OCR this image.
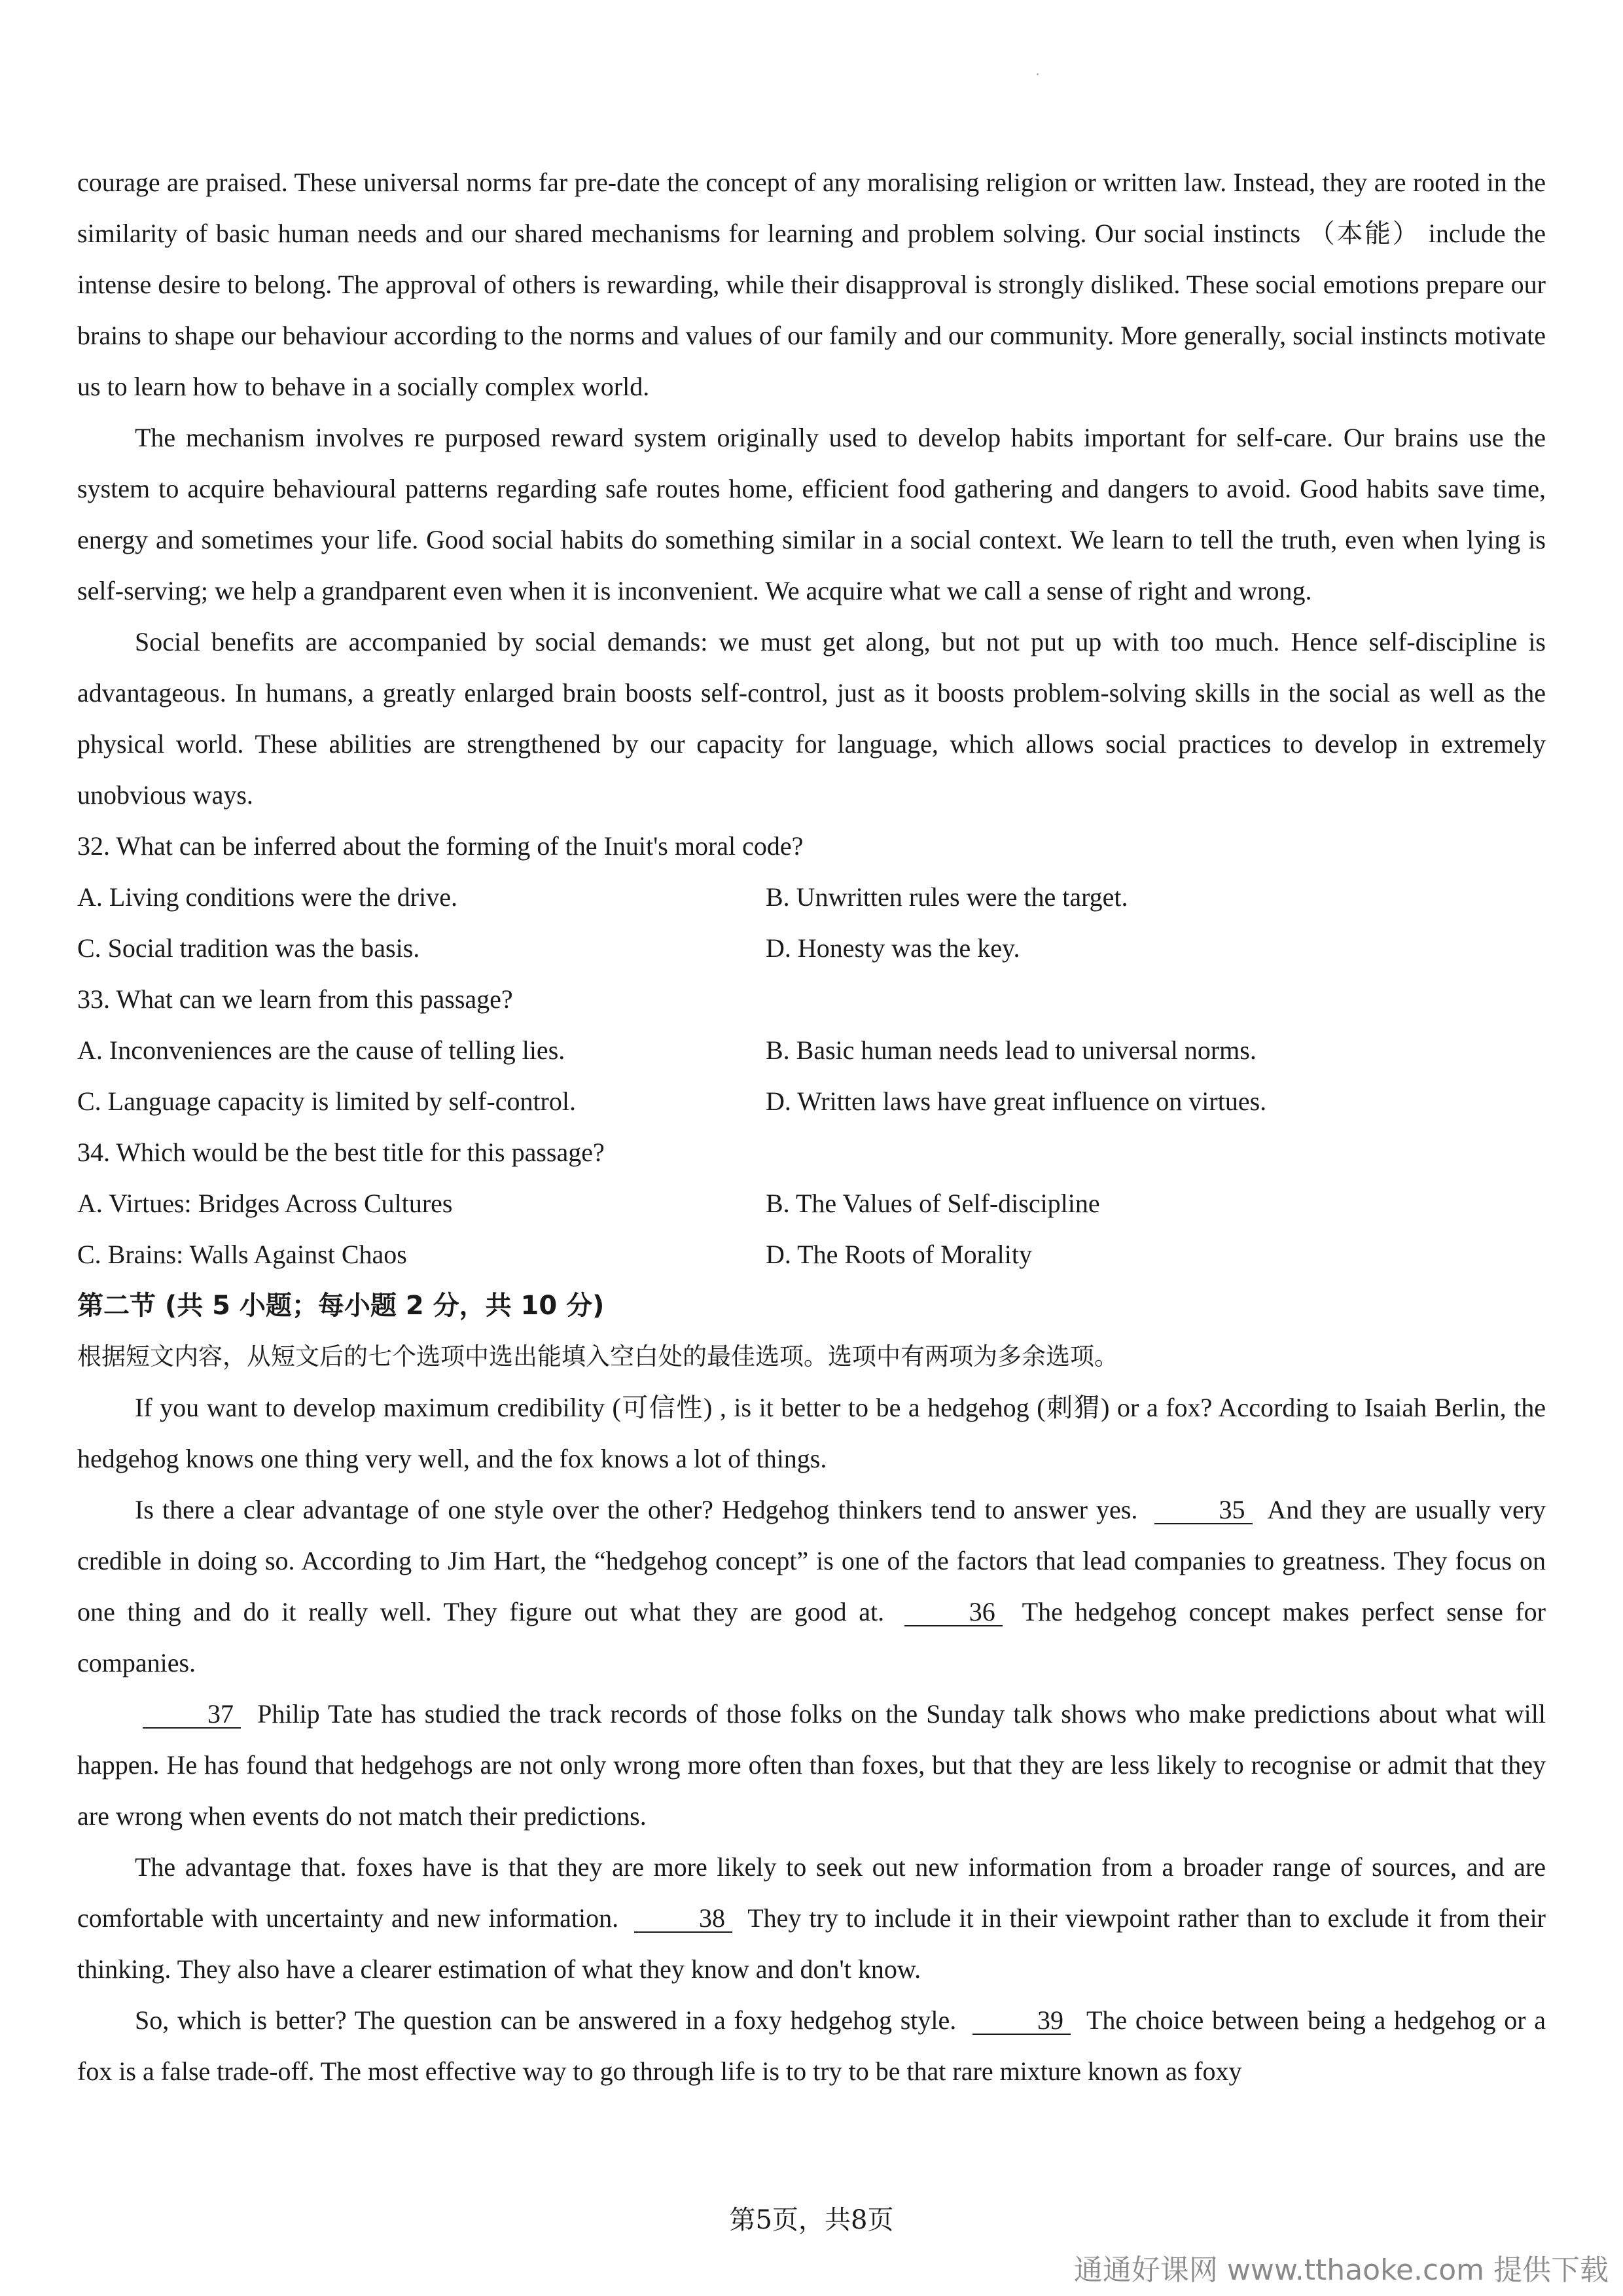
courage are praised. These universal norms far pre-date the concept of any moralising religion or written law. Instead, they are rooted in the similarity of basic human needs and our shared mechanisms for learning and problem solving. Our social instincts （本能） include the intense desire to belong. The approval of others is rewarding, while their disapproval is strongly disliked. These social emotions prepare our brains to shape our behaviour according to the norms and values of our family and our community. More generally, social instincts motivate us to learn how to behave in a socially complex world.

The mechanism involves re purposed reward system originally used to develop habits important for self-care. Our brains use the system to acquire behavioural patterns regarding safe routes home, efficient food gathering and dangers to avoid. Good habits save time, energy and sometimes your life. Good social habits do something similar in a social context. We learn to tell the truth, even when lying is self-serving; we help a grandparent even when it is inconvenient. We acquire what we call a sense of right and wrong.

Social benefits are accompanied by social demands: we must get along, but not put up with too much. Hence self-discipline is advantageous. In humans, a greatly enlarged brain boosts self-control, just as it boosts problem-solving skills in the social as well as the physical world. These abilities are strengthened by our capacity for language, which allows social practices to develop in extremely unobvious ways.

32. What can be inferred about the forming of the Inuit's moral code?

A. Living conditions were the drive.	B. Unwritten rules were the target.
C. Social tradition was the basis.	D. Honesty was the key.

33. What can we learn from this passage?

A. Inconveniences are the cause of telling lies.	B. Basic human needs lead to universal norms.
C. Language capacity is limited by self-control.	D. Written laws have great influence on virtues.

34. Which would be the best title for this passage?

A. Virtues: Bridges Across Cultures	B. The Values of Self-discipline
C. Brains: Walls Against Chaos	D. The Roots of Morality

第二节 (共 5 小题；每小题 2 分，共 10 分)

根据短文内容，从短文后的七个选项中选出能填入空白处的最佳选项。选项中有两项为多余选项。

If you want to develop maximum credibility (可信性) , is it better to be a hedgehog (刺猬) or a fox? According to Isaiah Berlin, the hedgehog knows one thing very well, and the fox knows a lot of things.

Is there a clear advantage of one style over the other? Hedgehog thinkers tend to answer yes.	35 And they are usually very credible in doing so. According to Jim Hart, the “hedgehog concept” is one of the factors that lead companies to greatness. They focus on one thing and do it really well. They figure out what they are good at.	36 The hedgehog concept makes perfect sense for companies.

37 Philip Tate has studied the track records of those folks on the Sunday talk shows who make predictions about what will happen. He has found that hedgehogs are not only wrong more often than foxes, but that they are less likely to recognise or admit that they are wrong when events do not match their predictions.

The advantage that. foxes have is that they are more likely to seek out new information from a broader range of sources, and are comfortable with uncertainty and new information.	38 They try to include it in their viewpoint rather than to exclude it from their thinking. They also have a clearer estimation of what they know and don't know.

So, which is better? The question can be answered in a foxy hedgehog style.	39 The choice between being a hedgehog or a fox is a false trade-off. The most effective way to go through life is to try to be that rare mixture known as foxy

第5页，共8页
通通好课网 www.tthaoke.com 提供下载
